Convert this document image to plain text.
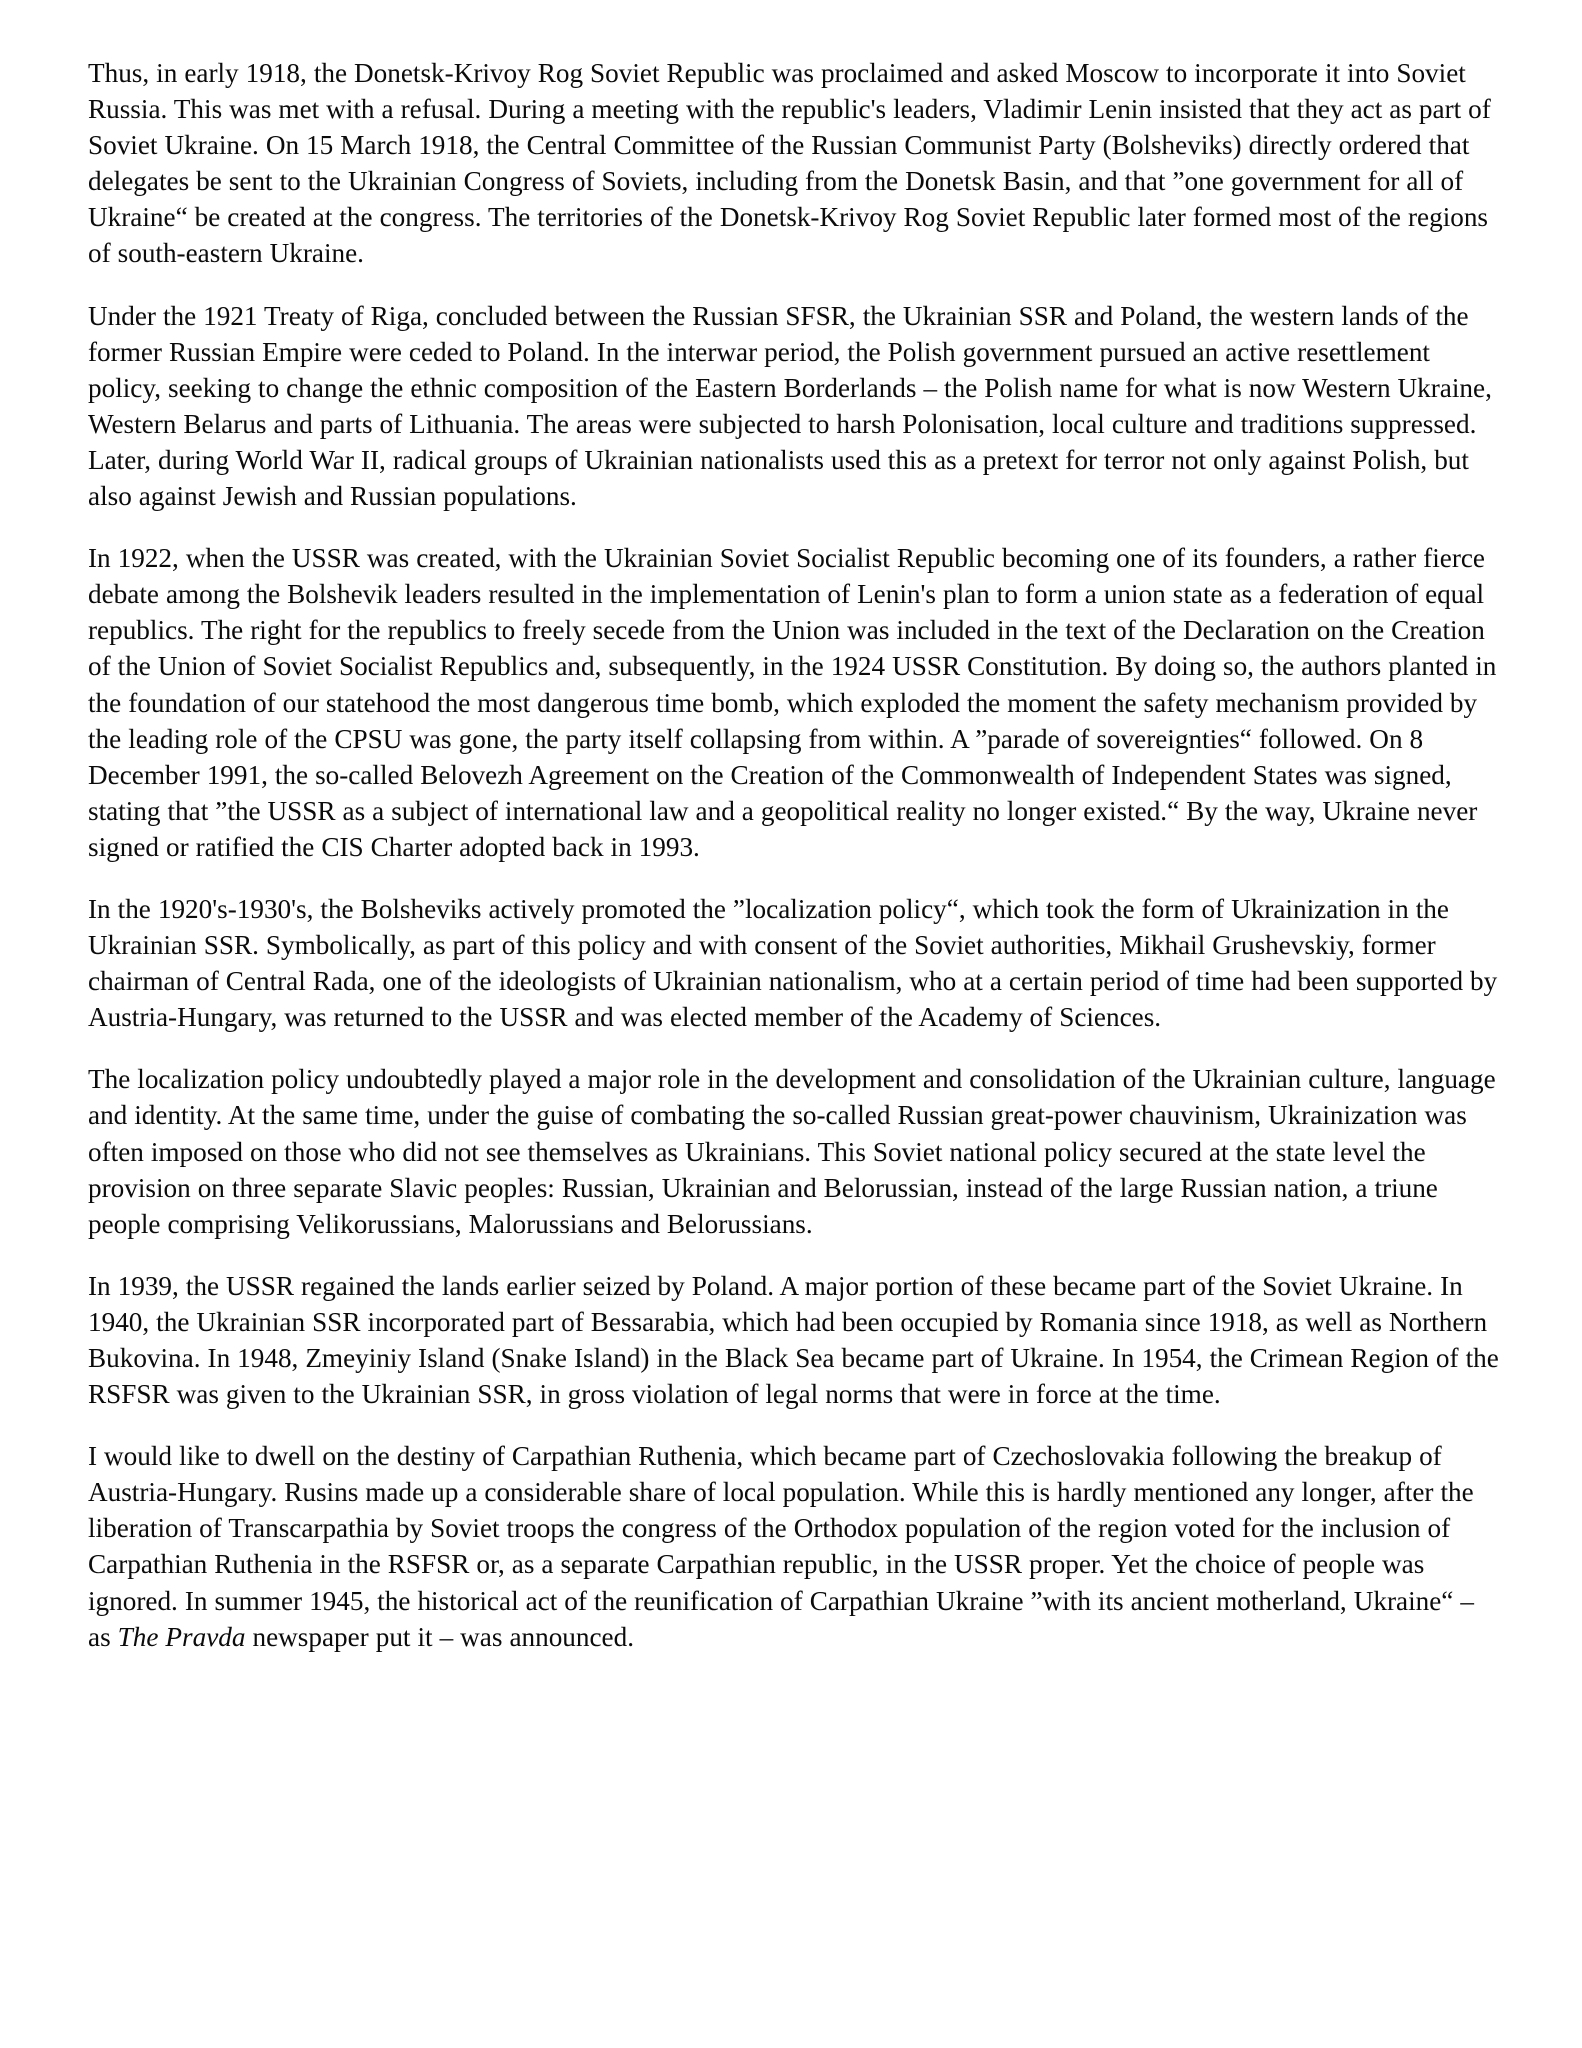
Thus, in early 1918, the Donetsk-Krivoy Rog Soviet Republic was proclaimed and asked Moscow to incorporate it into Soviet Russia. This was met with a refusal. During a meeting with the republic's leaders, Vladimir Lenin insisted that they act as part of Soviet Ukraine. On 15 March 1918, the Central Committee of the Russian Communist Party (Bolsheviks) directly ordered that delegates be sent to the Ukrainian Congress of Soviets, including from the Donetsk Basin, and that ”one government for all of Ukraine“ be created at the congress. The territories of the Donetsk-Krivoy Rog Soviet Republic later formed most of the regions of south-eastern Ukraine.

Under the 1921 Treaty of Riga, concluded between the Russian SFSR, the Ukrainian SSR and Poland, the western lands of the former Russian Empire were ceded to Poland. In the interwar period, the Polish government pursued an active resettlement policy, seeking to change the ethnic composition of the Eastern Borderlands – the Polish name for what is now Western Ukraine, Western Belarus and parts of Lithuania. The areas were subjected to harsh Polonisation, local culture and traditions suppressed. Later, during World War II, radical groups of Ukrainian nationalists used this as a pretext for terror not only against Polish, but also against Jewish and Russian populations.

In 1922, when the USSR was created, with the Ukrainian Soviet Socialist Republic becoming one of its founders, a rather fierce debate among the Bolshevik leaders resulted in the implementation of Lenin's plan to form a union state as a federation of equal republics. The right for the republics to freely secede from the Union was included in the text of the Declaration on the Creation of the Union of Soviet Socialist Republics and, subsequently, in the 1924 USSR Constitution. By doing so, the authors planted in the foundation of our statehood the most dangerous time bomb, which exploded the moment the safety mechanism provided by the leading role of the CPSU was gone, the party itself collapsing from within. A ”parade of sovereignties“ followed. On 8 December 1991, the so-called Belovezh Agreement on the Creation of the Commonwealth of Independent States was signed, stating that ”the USSR as a subject of international law and a geopolitical reality no longer existed.“ By the way, Ukraine never signed or ratified the CIS Charter adopted back in 1993.

In the 1920's-1930's, the Bolsheviks actively promoted the ”localization policy“, which took the form of Ukrainization in the Ukrainian SSR. Symbolically, as part of this policy and with consent of the Soviet authorities, Mikhail Grushevskiy, former chairman of Central Rada, one of the ideologists of Ukrainian nationalism, who at a certain period of time had been supported by Austria-Hungary, was returned to the USSR and was elected member of the Academy of Sciences.

The localization policy undoubtedly played a major role in the development and consolidation of the Ukrainian culture, language and identity. At the same time, under the guise of combating the so-called Russian great-power chauvinism, Ukrainization was often imposed on those who did not see themselves as Ukrainians. This Soviet national policy secured at the state level the provision on three separate Slavic peoples: Russian, Ukrainian and Belorussian, instead of the large Russian nation, a triune people comprising Velikorussians, Malorussians and Belorussians.

In 1939, the USSR regained the lands earlier seized by Poland. A major portion of these became part of the Soviet Ukraine. In 1940, the Ukrainian SSR incorporated part of Bessarabia, which had been occupied by Romania since 1918, as well as Northern Bukovina. In 1948, Zmeyiniy Island (Snake Island) in the Black Sea became part of Ukraine. In 1954, the Crimean Region of the RSFSR was given to the Ukrainian SSR, in gross violation of legal norms that were in force at the time.

I would like to dwell on the destiny of Carpathian Ruthenia, which became part of Czechoslovakia following the breakup of Austria-Hungary. Rusins made up a considerable share of local population. While this is hardly mentioned any longer, after the liberation of Transcarpathia by Soviet troops the congress of the Orthodox population of the region voted for the inclusion of Carpathian Ruthenia in the RSFSR or, as a separate Carpathian republic, in the USSR proper. Yet the choice of people was ignored. In summer 1945, the historical act of the reunification of Carpathian Ukraine ”with its ancient motherland, Ukraine“ – as The Pravda newspaper put it – was announced.
